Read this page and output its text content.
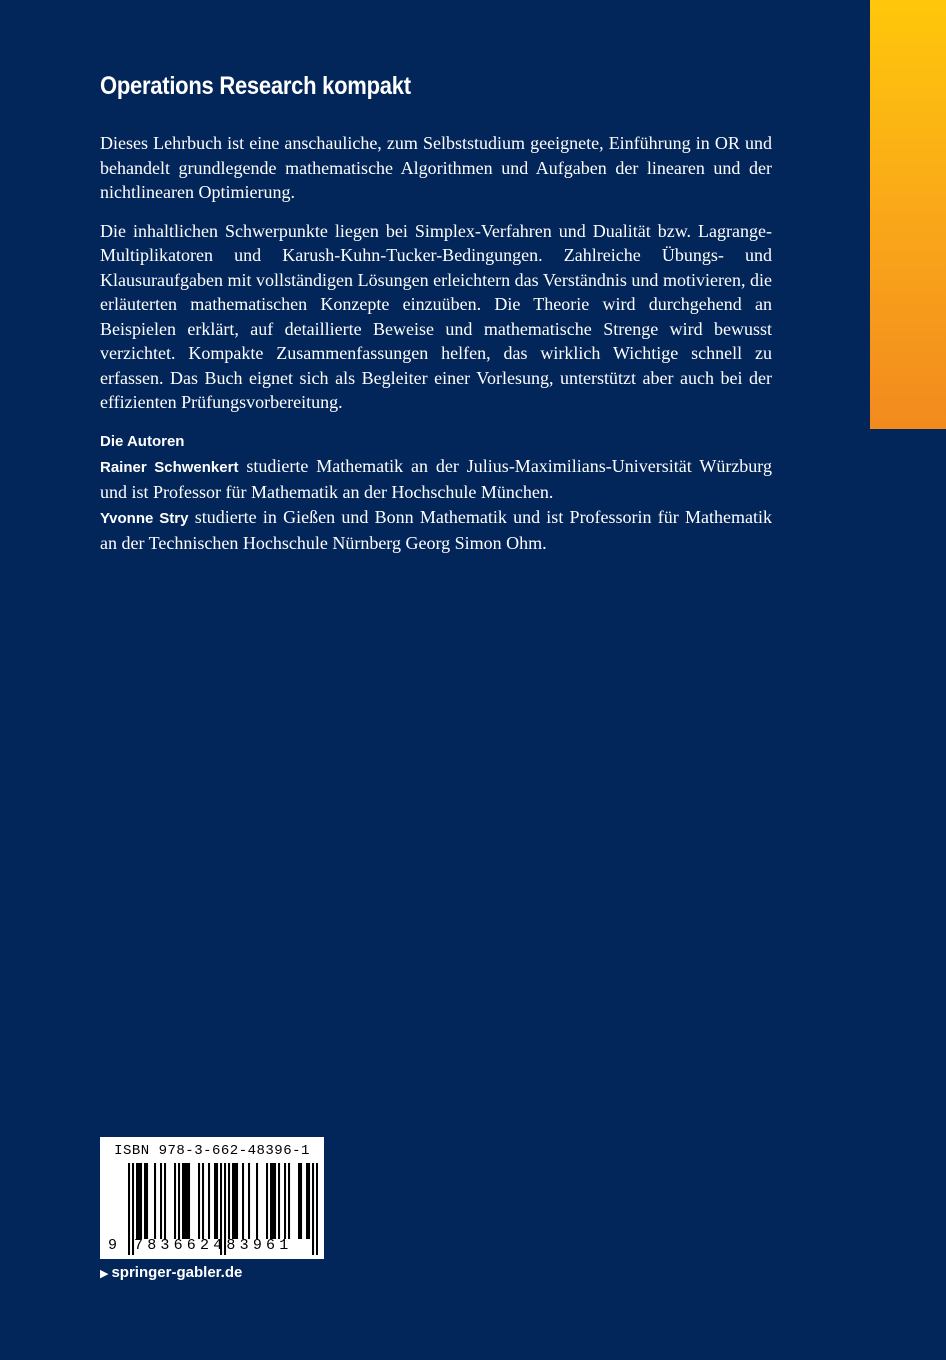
Operations Research kompakt

Dieses Lehrbuch ist eine anschauliche, zum Selbststudium geeignete, Einführung in OR und behandelt grundlegende mathematische Algorithmen und Aufgaben der linearen und der nichtlinearen Optimierung.

Die inhaltlichen Schwerpunkte liegen bei Simplex-Verfahren und Dualität bzw. Lagrange-Multiplikatoren und Karush-Kuhn-Tucker-Bedingungen. Zahlreiche Übungs- und Klausuraufgaben mit vollständigen Lösungen erleichtern das Verständnis und motivieren, die erläuterten mathematischen Konzepte einzuüben. Die Theorie wird durchgehend an Beispielen erklärt, auf detaillierte Beweise und mathematische Strenge wird bewusst verzichtet. Kompakte Zusammenfassungen helfen, das wirklich Wichtige schnell zu erfassen. Das Buch eignet sich als Begleiter einer Vorlesung, unterstützt aber auch bei der effizienten Prüfungsvorbereitung.

Die Autoren

Rainer Schwenkert studierte Mathematik an der Julius-Maximilians-Universität Würzburg und ist Professor für Mathematik an der Hochschule München.

Yvonne Stry studierte in Gießen und Bonn Mathematik und ist Professorin für Mathematik an der Technischen Hochschule Nürnberg Georg Simon Ohm.

ISBN 978-3-662-48396-1
9 783662483961
▶ springer-gabler.de
